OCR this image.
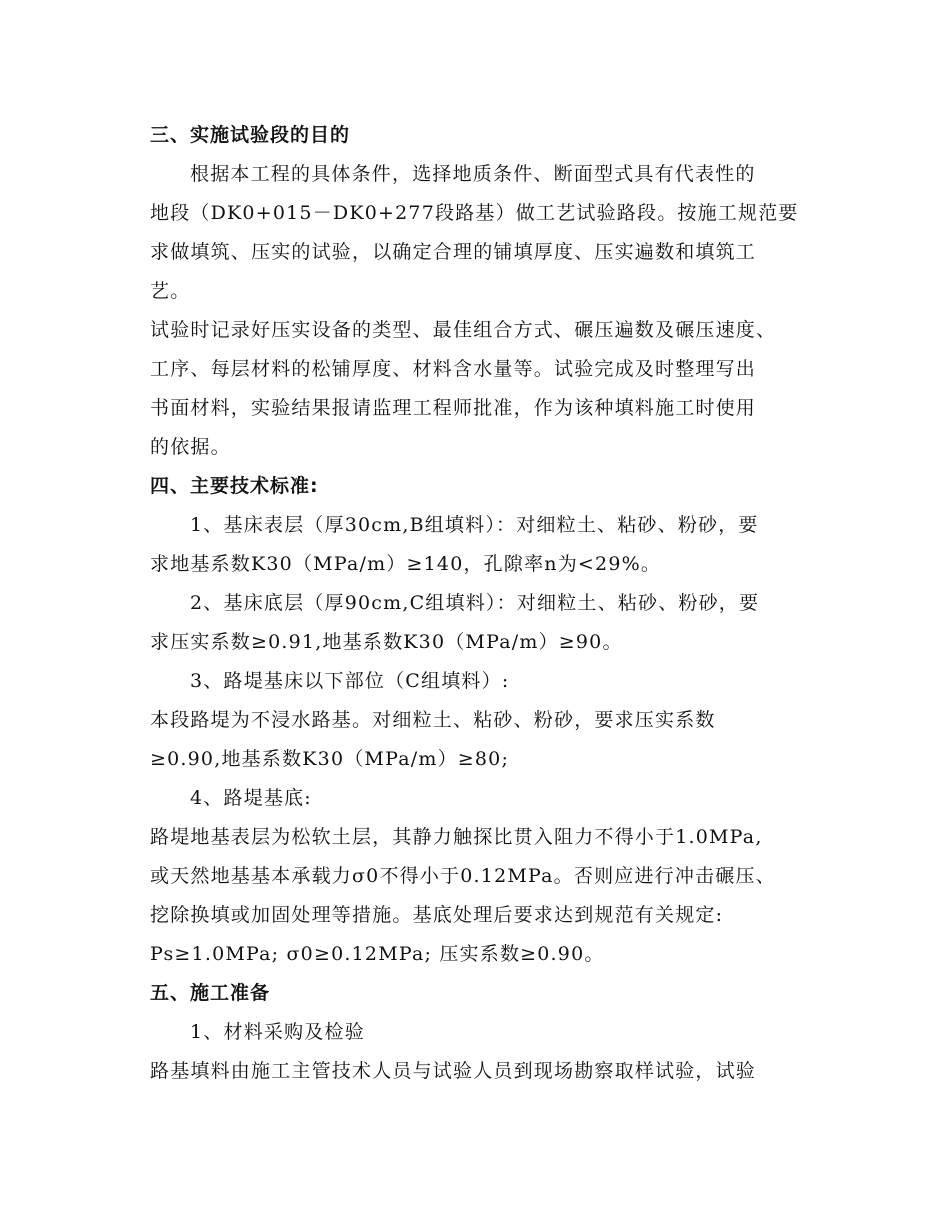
三、实施试验段的目的
根据本工程的具体条件，选择地质条件、断面型式具有代表性的
地段（DK0+015－DK0+277段路基）做工艺试验路段。按施工规范要
求做填筑、压实的试验，以确定合理的铺填厚度、压实遍数和填筑工
艺。
试验时记录好压实设备的类型、最佳组合方式、碾压遍数及碾压速度、
工序、每层材料的松铺厚度、材料含水量等。试验完成及时整理写出
书面材料，实验结果报请监理工程师批准，作为该种填料施工时使用
的依据。
四、主要技术标准:
1、基床表层（厚30cm,B组填料）：对细粒土、粘砂、粉砂，要
求地基系数K30（MPa/m）≥140，孔隙率n为<29%。
2、基床底层（厚90cm,C组填料）：对细粒土、粘砂、粉砂，要
求压实系数≥0.91,地基系数K30（MPa/m）≥90。
3、路堤基床以下部位（C组填料）:
本段路堤为不浸水路基。对细粒土、粘砂、粉砂，要求压实系数
≥0.90,地基系数K30（MPa/m）≥80;
4、路堤基底:
路堤地基表层为松软土层，其静力触探比贯入阻力不得小于1.0MPa,
或天然地基基本承载力σ0不得小于0.12MPa。否则应进行冲击碾压、
挖除换填或加固处理等措施。基底处理后要求达到规范有关规定:
Ps≥1.0MPa; σ0≥0.12MPa; 压实系数≥0.90。
五、施工准备
1、材料采购及检验
路基填料由施工主管技术人员与试验人员到现场勘察取样试验，试验
